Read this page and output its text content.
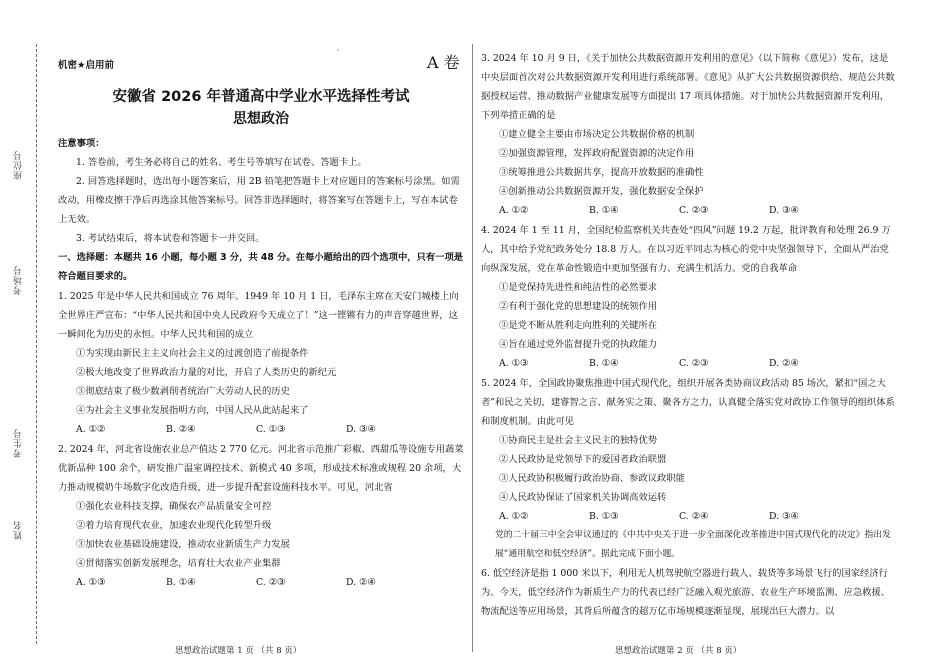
座位号
考场号
考生号
姓名
·
机密★启用前	A 卷
安徽省 2026 年普通高中学业水平选择性考试
思想政治
注意事项：
1. 答卷前，考生务必将自己的姓名、考生号等填写在试卷、答题卡上。
2. 回答选择题时，选出每小题答案后，用 2B 铅笔把答题卡上对应题目的答案标号涂黑。如需改动，用橡皮擦干净后再选涂其他答案标号。回答非选择题时，将答案写在答题卡上，写在本试卷上无效。
3. 考试结束后，将本试卷和答题卡一并交回。
一、选择题：本题共 16 小题，每小题 3 分，共 48 分。在每小题给出的四个选项中，只有一项是符合题目要求的。
1. 2025 年是中华人民共和国成立 76 周年。1949 年 10 月 1 日，毛泽东主席在天安门城楼上向全世界庄严宣布：“中华人民共和国中央人民政府今天成立了！”这一铿锵有力的声音穿越世界，这一瞬间化为历史的永恒。中华人民共和国的成立
①为实现由新民主主义向社会主义的过渡创造了前提条件
②极大地改变了世界政治力量的对比，开启了人类历史的新纪元
③彻底结束了极少数剥削者统治广大劳动人民的历史
④为社会主义事业发展指明方向，中国人民从此站起来了
A. ①②	B. ②④	C. ①③	D. ③④
2. 2024 年，河北省设施农业总产值达 2 770 亿元。河北省示范推广彩椒、西甜瓜等设施专用蔬菜优新品种 100 余个，研发推广温室调控技术、新模式 40 多项，形成技术标准或规程 20 余项，大力推动规模奶牛场数字化改造升级，进一步提升配套设施科技水平。可见，河北省
①强化农业科技支撑，确保农产品质量安全可控
②着力培育现代农业，加速农业现代化转型升级
③加快农业基础设施建设，推动农业新质生产力发展
④贯彻落实创新发展理念，培育壮大农业产业集群
A. ①③	B. ①④	C. ②③	D. ②④
3. 2024 年 10 月 9 日，《关于加快公共数据资源开发利用的意见》（以下简称《意见》）发布，这是中央层面首次对公共数据资源开发利用进行系统部署。《意见》从扩大公共数据资源供给、规范公共数据授权运营、推动数据产业健康发展等方面提出 17 项具体措施。对于加快公共数据资源开发利用，下列举措正确的是
①建立健全主要由市场决定公共数据价格的机制
②加强资源管理，发挥政府配置资源的决定作用
③统筹推进公共数据共享，提高开放数据的准确性
④创新推动公共数据资源开发，强化数据安全保护
A. ①②	B. ①④	C. ②③	D. ③④
4. 2024 年 1 至 11 月，全国纪检监察机关共查处“四风”问题 19.2 万起，批评教育和处理 26.9 万人，其中给予党纪政务处分 18.8 万人。在以习近平同志为核心的党中央坚强领导下，全面从严治党向纵深发展，党在革命性锻造中更加坚强有力、充满生机活力。党的自我革命
①是党保持先进性和纯洁性的必然要求
②有利于强化党的思想建设的统领作用
③是党不断从胜利走向胜利的关键所在
④旨在通过党外监督提升党的执政能力
A. ①③	B. ①④	C. ②③	D. ②④
5. 2024 年，全国政协聚焦推进中国式现代化，组织开展各类协商议政活动 85 场次，紧扣“国之大者”和民之关切，建睿智之言、献务实之策、聚各方之力，认真健全落实党对政协工作领导的组织体系和制度机制。由此可见
①协商民主是社会主义民主的独特优势
②人民政协是党领导下的爱国者政治联盟
③人民政协积极履行政治协商、参政议政职能
④人民政协保证了国家机关协调高效运转
A. ①②	B. ①③	C. ②④	D. ③④
党的二十届三中全会审议通过的《中共中央关于进一步全面深化改革推进中国式现代化的决定》指出发展“通用航空和低空经济”。据此完成下面小题。
6. 低空经济是指 1 000 米以下，利用无人机驾驶航空器进行载人、载货等多场景飞行的国家经济行为。今天，低空经济作为新质生产力的代表已经广泛融入观光旅游、农业生产环境监测、应急救援、物流配送等应用场景，其背后所蕴含的超万亿市场规模逐渐显现，展现出巨大潜力。以
思想政治试题第 1 页 （共 8 页）	思想政治试题第 2 页 （共 8 页）
